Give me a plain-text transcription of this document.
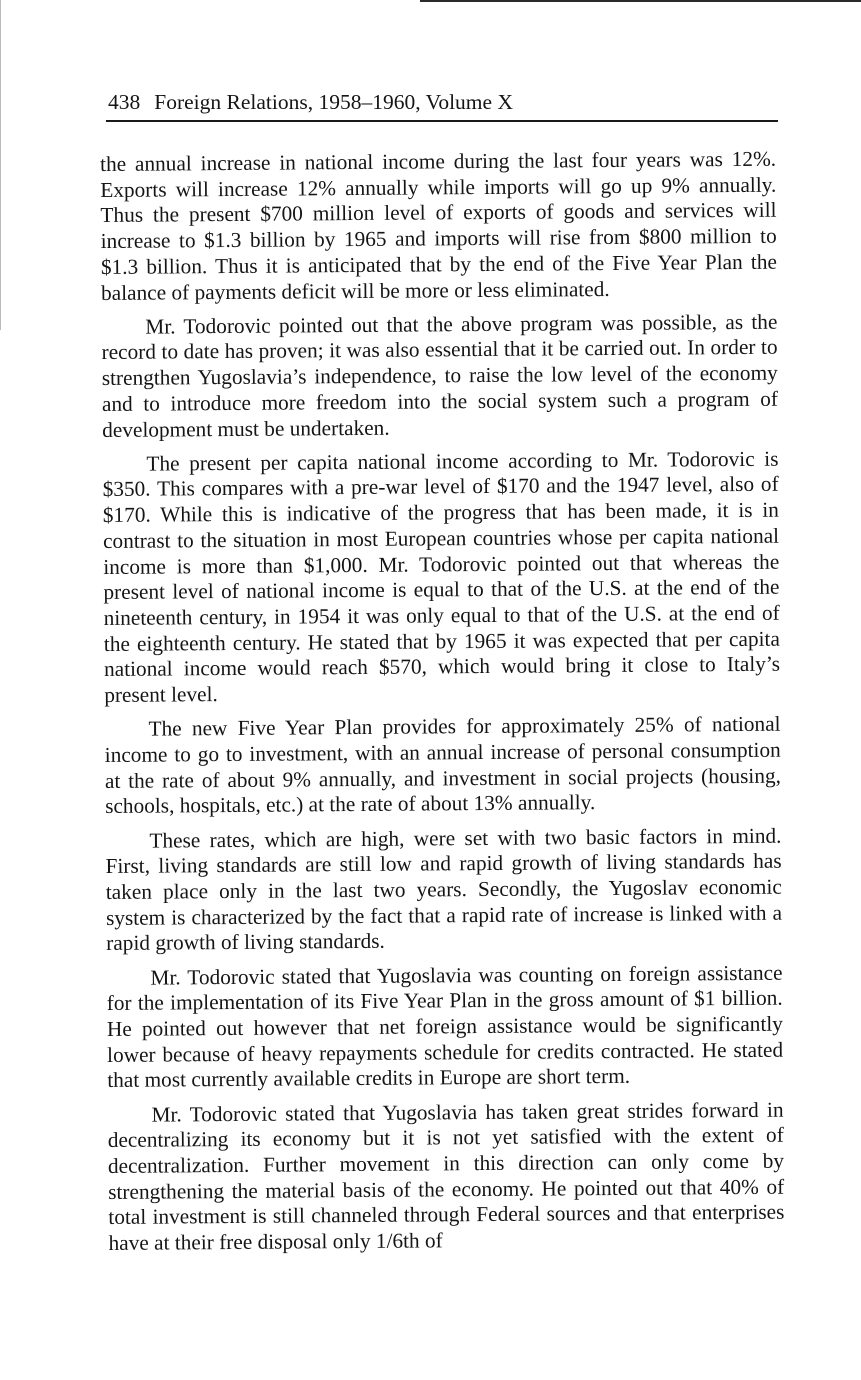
438 Foreign Relations, 1958–1960, Volume X

the annual increase in national income during the last four years was 12%. Exports will increase 12% annually while imports will go up 9% annually. Thus the present $700 million level of exports of goods and services will increase to $1.3 billion by 1965 and imports will rise from $800 million to $1.3 billion. Thus it is anticipated that by the end of the Five Year Plan the balance of payments deficit will be more or less eliminated.

Mr. Todorovic pointed out that the above program was possible, as the record to date has proven; it was also essential that it be carried out. In order to strengthen Yugoslavia’s independence, to raise the low level of the economy and to introduce more freedom into the social system such a program of development must be undertaken.

The present per capita national income according to Mr. Todorovic is $350. This compares with a pre-war level of $170 and the 1947 level, also of $170. While this is indicative of the progress that has been made, it is in contrast to the situation in most European countries whose per capita national income is more than $1,000. Mr. Todorovic pointed out that whereas the present level of national income is equal to that of the U.S. at the end of the nineteenth century, in 1954 it was only equal to that of the U.S. at the end of the eighteenth century. He stated that by 1965 it was expected that per capita national income would reach $570, which would bring it close to Italy’s present level.

The new Five Year Plan provides for approximately 25% of national income to go to investment, with an annual increase of personal consumption at the rate of about 9% annually, and investment in social projects (housing, schools, hospitals, etc.) at the rate of about 13% annually.

These rates, which are high, were set with two basic factors in mind. First, living standards are still low and rapid growth of living standards has taken place only in the last two years. Secondly, the Yugoslav economic system is characterized by the fact that a rapid rate of increase is linked with a rapid growth of living standards.

Mr. Todorovic stated that Yugoslavia was counting on foreign assistance for the implementation of its Five Year Plan in the gross amount of $1 billion. He pointed out however that net foreign assistance would be significantly lower because of heavy repayments schedule for credits contracted. He stated that most currently available credits in Europe are short term.

Mr. Todorovic stated that Yugoslavia has taken great strides forward in decentralizing its economy but it is not yet satisfied with the extent of decentralization. Further movement in this direction can only come by strengthening the material basis of the economy. He pointed out that 40% of total investment is still channeled through Federal sources and that enterprises have at their free disposal only 1/6th of
